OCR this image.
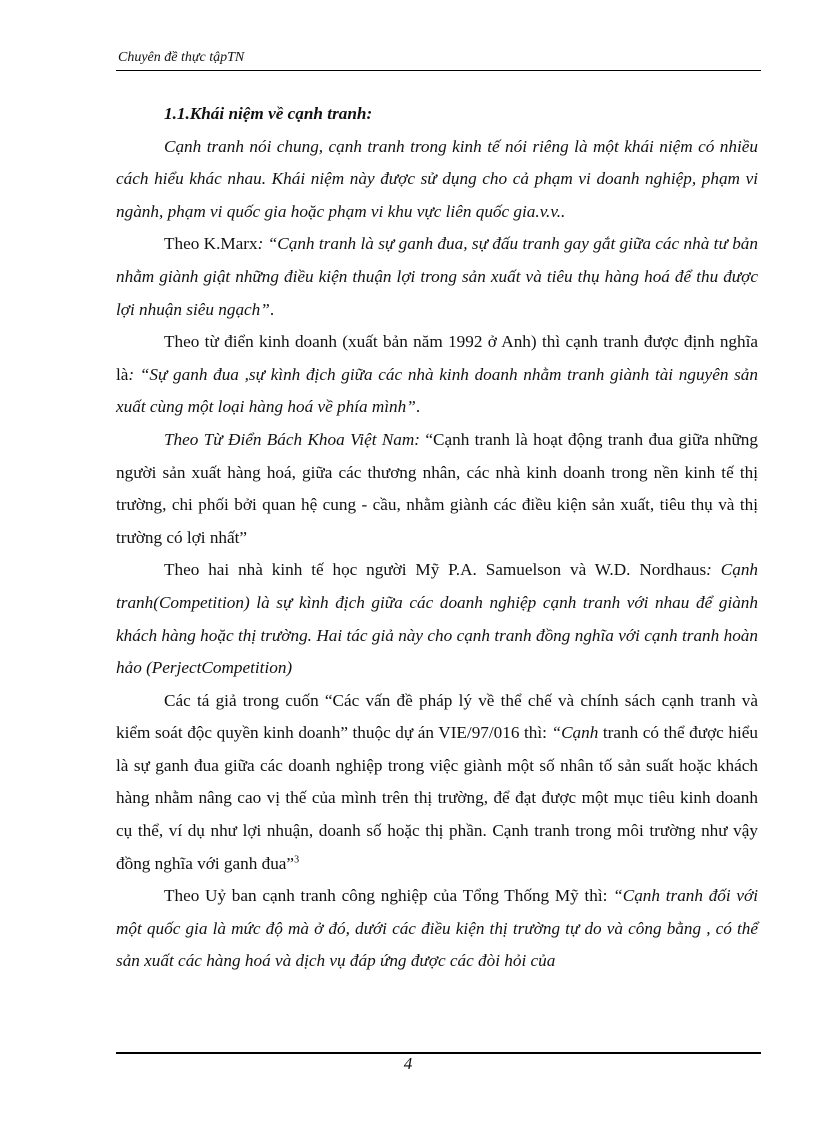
Chuyên đề thực tậpTN

1.1.Khái niệm về cạnh tranh:

Cạnh tranh nói chung, cạnh tranh trong kinh tế nói riêng là một khái niệm có nhiều cách hiểu khác nhau. Khái niệm này được sử dụng cho cả phạm vi doanh nghiệp, phạm vi ngành, phạm vi quốc gia hoặc phạm vi khu vực liên quốc gia.v.v..

Theo K.Marx: “Cạnh tranh là sự ganh đua, sự đấu tranh gay gắt giữa các nhà tư bản nhằm giành giật những điều kiện thuận lợi trong sản xuất và tiêu thụ hàng hoá để thu được lợi nhuận siêu ngạch”.

Theo từ điển kinh doanh (xuất bản năm 1992 ở Anh) thì cạnh tranh được định nghĩa là: “Sự ganh đua ,sự kình địch giữa các nhà kinh doanh nhằm tranh giành tài nguyên sản xuất cùng một loại hàng hoá về phía mình”.

Theo Từ Điển Bách Khoa Việt Nam: “Cạnh tranh là hoạt động tranh đua giữa những người sản xuất hàng hoá, giữa các thương nhân, các nhà kinh doanh trong nền kinh tế thị trường, chi phối bởi quan hệ cung - cầu, nhằm giành các điều kiện sản xuất, tiêu thụ và thị trường có lợi nhất”

Theo hai nhà kinh tế học người Mỹ P.A. Samuelson và W.D. Nordhaus: Cạnh tranh(Competition) là sự kình địch giữa các doanh nghiệp cạnh tranh với nhau để giành khách hàng hoặc thị trường. Hai tác giả này cho cạnh tranh đồng nghĩa với cạnh tranh hoàn hảo (PerjectCompetition)

Các tá giả trong cuốn “Các vấn đề pháp lý về thể chế và chính sách cạnh tranh và kiểm soát độc quyền kinh doanh” thuộc dự án VIE/97/016 thì: “Cạnh tranh có thể được hiểu là sự ganh đua giữa các doanh nghiệp trong việc giành một số nhân tố sản suất hoặc khách hàng nhằm nâng cao vị thế của mình trên thị trường, để đạt được một mục tiêu kinh doanh cụ thể, ví dụ như lợi nhuận, doanh số hoặc thị phần. Cạnh tranh trong môi trường như vậy đồng nghĩa với ganh đua”$^3$

Theo Uỷ ban cạnh tranh công nghiệp của Tổng Thống Mỹ thì: “Cạnh tranh đối với một quốc gia là mức độ mà ở đó, dưới các điều kiện thị trường tự do và công bằng , có thể sản xuất các hàng hoá và dịch vụ đáp ứng được các đòi hỏi của

4
